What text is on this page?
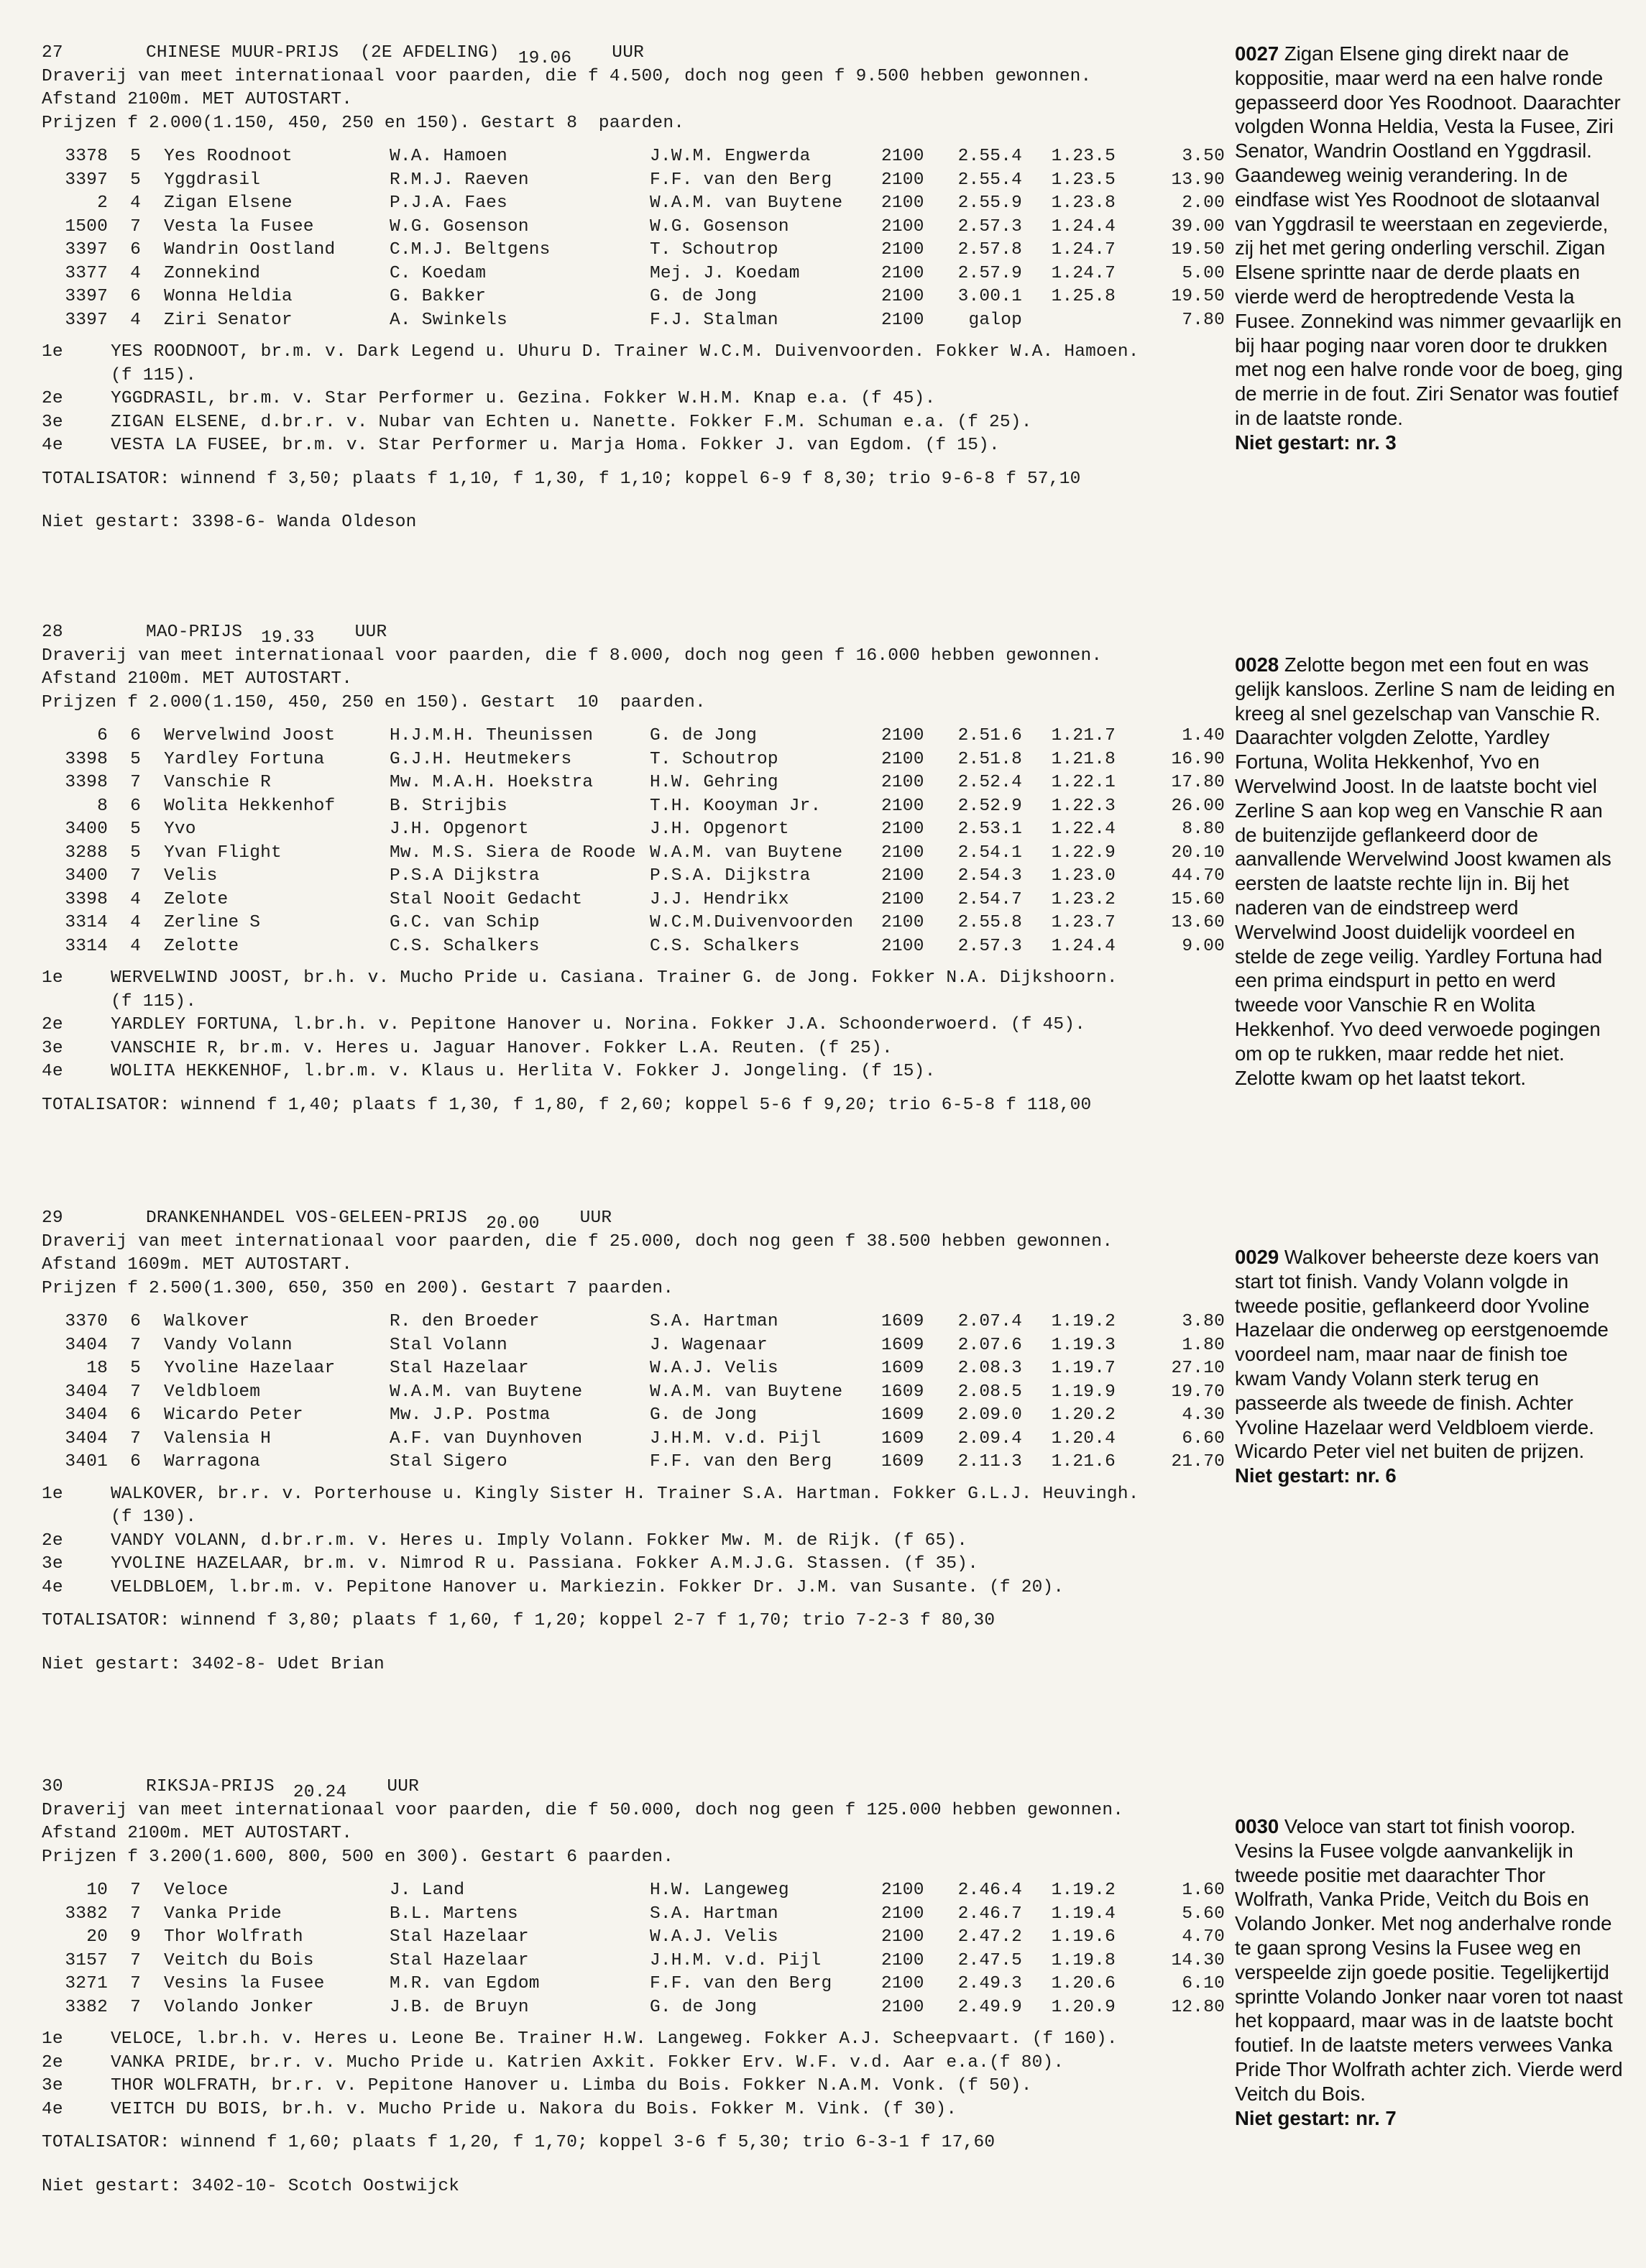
27	CHINESE MUUR-PRIJS  (2E AFDELING) 19.06 UUR
Draverij van meet internationaal voor paarden, die f 4.500, doch nog geen f 9.500 hebben gewonnen.
Afstand 2100m. MET AUTOSTART.
Prijzen f 2.000(1.150, 450, 250 en 150). Gestart 8  paarden.
3378	5	Yes Roodnoot	W.A. Hamoen	J.W.M. Engwerda	2100	2.55.4	1.23.5	3.50
3397	5	Yggdrasil	R.M.J. Raeven	F.F. van den Berg	2100	2.55.4	1.23.5	13.90
2	4	Zigan Elsene	P.J.A. Faes	W.A.M. van Buytene	2100	2.55.9	1.23.8	2.00
1500	7	Vesta la Fusee	W.G. Gosenson	W.G. Gosenson	2100	2.57.3	1.24.4	39.00
3397	6	Wandrin Oostland	C.M.J. Beltgens	T. Schoutrop	2100	2.57.8	1.24.7	19.50
3377	4	Zonnekind	C. Koedam	Mej. J. Koedam	2100	2.57.9	1.24.7	5.00
3397	6	Wonna Heldia	G. Bakker	G. de Jong	2100	3.00.1	1.25.8	19.50
3397	4	Ziri Senator	A. Swinkels	F.J. Stalman	2100	galop		7.80
1e	YES ROODNOOT, br.m. v. Dark Legend u. Uhuru D. Trainer W.C.M. Duivenvoorden. Fokker W.A. Hamoen.
(f 115).
2e	YGGDRASIL, br.m. v. Star Performer u. Gezina. Fokker W.H.M. Knap e.a. (f 45).
3e	ZIGAN ELSENE, d.br.r. v. Nubar van Echten u. Nanette. Fokker F.M. Schuman e.a. (f 25).
4e	VESTA LA FUSEE, br.m. v. Star Performer u. Marja Homa. Fokker J. van Egdom. (f 15).
TOTALISATOR: winnend f 3,50; plaats f 1,10, f 1,30, f 1,10; koppel 6-9 f 8,30; trio 9-6-8 f 57,10
Niet gestart: 3398-6- Wanda Oldeson
28	MAO-PRIJS 19.33 UUR
Draverij van meet internationaal voor paarden, die f 8.000, doch nog geen f 16.000 hebben gewonnen.
Afstand 2100m. MET AUTOSTART.
Prijzen f 2.000(1.150, 450, 250 en 150). Gestart  10  paarden.
6	6	Wervelwind Joost	H.J.M.H. Theunissen	G. de Jong	2100	2.51.6	1.21.7	1.40
3398	5	Yardley Fortuna	G.J.H. Heutmekers	T. Schoutrop	2100	2.51.8	1.21.8	16.90
3398	7	Vanschie R	Mw. M.A.H. Hoekstra	H.W. Gehring	2100	2.52.4	1.22.1	17.80
8	6	Wolita Hekkenhof	B. Strijbis	T.H. Kooyman Jr.	2100	2.52.9	1.22.3	26.00
3400	5	Yvo	J.H. Opgenort	J.H. Opgenort	2100	2.53.1	1.22.4	8.80
3288	5	Yvan Flight	Mw. M.S. Siera de Roode	W.A.M. van Buytene	2100	2.54.1	1.22.9	20.10
3400	7	Velis	P.S.A Dijkstra	P.S.A. Dijkstra	2100	2.54.3	1.23.0	44.70
3398	4	Zelote	Stal Nooit Gedacht	J.J. Hendrikx	2100	2.54.7	1.23.2	15.60
3314	4	Zerline S	G.C. van Schip	W.C.M.Duivenvoorden	2100	2.55.8	1.23.7	13.60
3314	4	Zelotte	C.S. Schalkers	C.S. Schalkers	2100	2.57.3	1.24.4	9.00
1e	WERVELWIND JOOST, br.h. v. Mucho Pride u. Casiana. Trainer G. de Jong. Fokker N.A. Dijkshoorn.
(f 115).
2e	YARDLEY FORTUNA, l.br.h. v. Pepitone Hanover u. Norina. Fokker J.A. Schoonderwoerd. (f 45).
3e	VANSCHIE R, br.m. v. Heres u. Jaguar Hanover. Fokker L.A. Reuten. (f 25).
4e	WOLITA HEKKENHOF, l.br.m. v. Klaus u. Herlita V. Fokker J. Jongeling. (f 15).
TOTALISATOR: winnend f 1,40; plaats f 1,30, f 1,80, f 2,60; koppel 5-6 f 9,20; trio 6-5-8 f 118,00
29	DRANKENHANDEL VOS-GELEEN-PRIJS 20.00 UUR
Draverij van meet internationaal voor paarden, die f 25.000, doch nog geen f 38.500 hebben gewonnen.
Afstand 1609m. MET AUTOSTART.
Prijzen f 2.500(1.300, 650, 350 en 200). Gestart 7 paarden.
3370	6	Walkover	R. den Broeder	S.A. Hartman	1609	2.07.4	1.19.2	3.80
3404	7	Vandy Volann	Stal Volann	J. Wagenaar	1609	2.07.6	1.19.3	1.80
18	5	Yvoline Hazelaar	Stal Hazelaar	W.A.J. Velis	1609	2.08.3	1.19.7	27.10
3404	7	Veldbloem	W.A.M. van Buytene	W.A.M. van Buytene	1609	2.08.5	1.19.9	19.70
3404	6	Wicardo Peter	Mw. J.P. Postma	G. de Jong	1609	2.09.0	1.20.2	4.30
3404	7	Valensia H	A.F. van Duynhoven	J.H.M. v.d. Pijl	1609	2.09.4	1.20.4	6.60
3401	6	Warragona	Stal Sigero	F.F. van den Berg	1609	2.11.3	1.21.6	21.70
1e	WALKOVER, br.r. v. Porterhouse u. Kingly Sister H. Trainer S.A. Hartman. Fokker G.L.J. Heuvingh.
(f 130).
2e	VANDY VOLANN, d.br.r.m. v. Heres u. Imply Volann. Fokker Mw. M. de Rijk. (f 65).
3e	YVOLINE HAZELAAR, br.m. v. Nimrod R u. Passiana. Fokker A.M.J.G. Stassen. (f 35).
4e	VELDBLOEM, l.br.m. v. Pepitone Hanover u. Markiezin. Fokker Dr. J.M. van Susante. (f 20).
TOTALISATOR: winnend f 3,80; plaats f 1,60, f 1,20; koppel 2-7 f 1,70; trio 7-2-3 f 80,30
Niet gestart: 3402-8- Udet Brian
30	RIKSJA-PRIJS 20.24 UUR
Draverij van meet internationaal voor paarden, die f 50.000, doch nog geen f 125.000 hebben gewonnen.
Afstand 2100m. MET AUTOSTART.
Prijzen f 3.200(1.600, 800, 500 en 300). Gestart 6 paarden.
10	7	Veloce	J. Land	H.W. Langeweg	2100	2.46.4	1.19.2	1.60
3382	7	Vanka Pride	B.L. Martens	S.A. Hartman	2100	2.46.7	1.19.4	5.60
20	9	Thor Wolfrath	Stal Hazelaar	W.A.J. Velis	2100	2.47.2	1.19.6	4.70
3157	7	Veitch du Bois	Stal Hazelaar	J.H.M. v.d. Pijl	2100	2.47.5	1.19.8	14.30
3271	7	Vesins la Fusee	M.R. van Egdom	F.F. van den Berg	2100	2.49.3	1.20.6	6.10
3382	7	Volando Jonker	J.B. de Bruyn	G. de Jong	2100	2.49.9	1.20.9	12.80
1e	VELOCE, l.br.h. v. Heres u. Leone Be. Trainer H.W. Langeweg. Fokker A.J. Scheepvaart. (f 160).
2e	VANKA PRIDE, br.r. v. Mucho Pride u. Katrien Axkit. Fokker Erv. W.F. v.d. Aar e.a.(f 80).
3e	THOR WOLFRATH, br.r. v. Pepitone Hanover u. Limba du Bois. Fokker N.A.M. Vonk. (f 50).
4e	VEITCH DU BOIS, br.h. v. Mucho Pride u. Nakora du Bois. Fokker M. Vink. (f 30).
TOTALISATOR: winnend f 1,60; plaats f 1,20, f 1,70; koppel 3-6 f 5,30; trio 6-3-1 f 17,60
Niet gestart: 3402-10- Scotch Oostwijck
0027 Zigan Elsene ging direkt naar de koppositie, maar werd na een halve ronde gepasseerd door Yes Roodnoot. Daarachter volgden Wonna Heldia, Vesta la Fusee, Ziri Senator, Wandrin Oostland en Yggdrasil. Gaandeweg weinig verandering. In de eindfase wist Yes Roodnoot de slotaanval van Yggdrasil te weerstaan en zegevierde, zij het met gering onderling verschil. Zigan Elsene sprintte naar de derde plaats en vierde werd de heroptredende Vesta la Fusee. Zonnekind was nimmer gevaarlijk en bij haar poging naar voren door te drukken met nog een halve ronde voor de boeg, ging de merrie in de fout. Ziri Senator was foutief in de laatste ronde.
Niet gestart: nr. 3
0028 Zelotte begon met een fout en was gelijk kansloos. Zerline S nam de leiding en kreeg al snel gezelschap van Vanschie R. Daarachter volgden Zelotte, Yardley Fortuna, Wolita Hekkenhof, Yvo en Wervelwind Joost. In de laatste bocht viel Zerline S aan kop weg en Vanschie R aan de buitenzijde geflankeerd door de aanvallende Wervelwind Joost kwamen als eersten de laatste rechte lijn in. Bij het naderen van de eindstreep werd Wervelwind Joost duidelijk voordeel en stelde de zege veilig. Yardley Fortuna had een prima eindspurt in petto en werd tweede voor Vanschie R en Wolita Hekkenhof. Yvo deed verwoede pogingen om op te rukken, maar redde het niet. Zelotte kwam op het laatst tekort.
0029 Walkover beheerste deze koers van start tot finish. Vandy Volann volgde in tweede positie, geflankeerd door Yvoline Hazelaar die onderweg op eerstgenoemde voordeel nam, maar naar de finish toe kwam Vandy Volann sterk terug en passeerde als tweede de finish. Achter Yvoline Hazelaar werd Veldbloem vierde. Wicardo Peter viel net buiten de prijzen.
Niet gestart: nr. 6
0030 Veloce van start tot finish voorop. Vesins la Fusee volgde aanvankelijk in tweede positie met daarachter Thor Wolfrath, Vanka Pride, Veitch du Bois en Volando Jonker. Met nog anderhalve ronde te gaan sprong Vesins la Fusee weg en verspeelde zijn goede positie. Tegelijkertijd sprintte Volando Jonker naar voren tot naast het koppaard, maar was in de laatste bocht foutief. In de laatste meters verwees Vanka Pride Thor Wolfrath achter zich. Vierde werd Veitch du Bois.
Niet gestart: nr. 7
